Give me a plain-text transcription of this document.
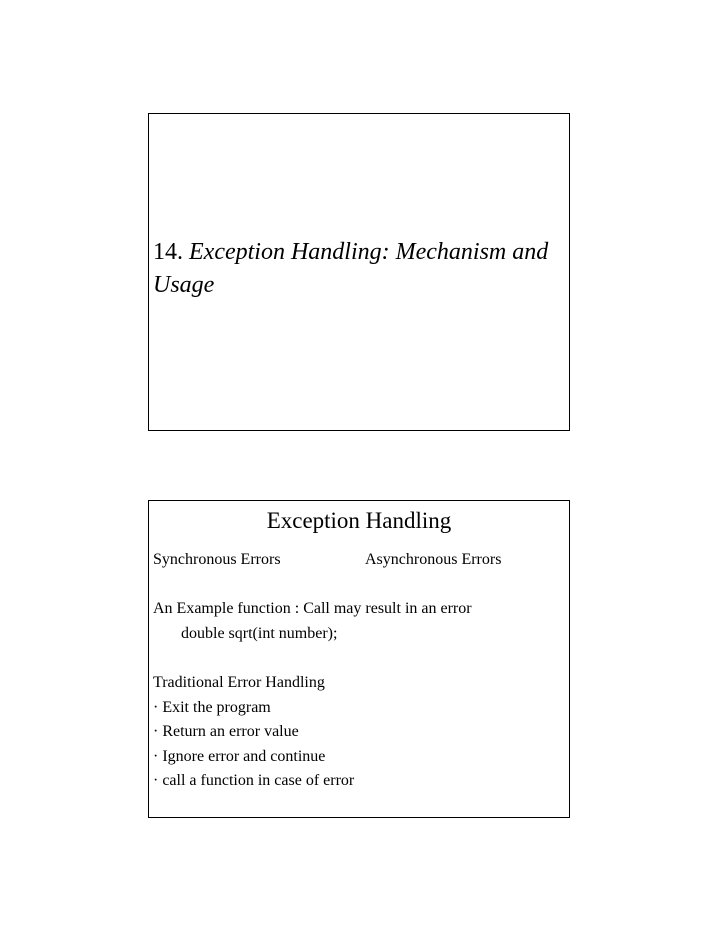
14. Exception Handling: Mechanism and Usage
Exception Handling
Synchronous Errors	Asynchronous Errors
An Example function : Call may result in an error
double sqrt(int number);
Traditional Error Handling
· Exit the program
· Return an error value
· Ignore error and continue
· call a function in case of error
